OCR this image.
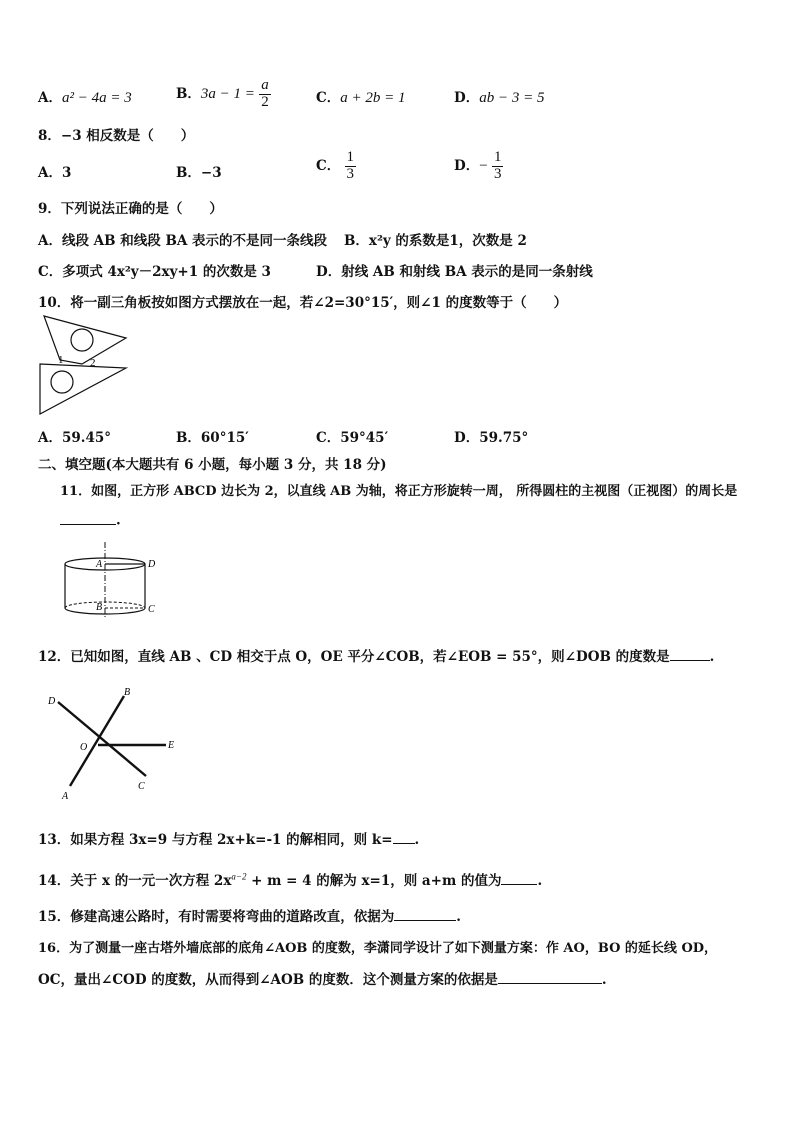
A．a² − 4a = 3	B．$3a - 1 = \frac{a}{2}$	C．a + 2b = 1	D．ab − 3 = 5
8．−3 相反数是（　　）
A．3	B．−3	C． $\frac{1}{3}$	D．− $\frac{1}{3}$
9．下列说法正确的是（　　）
A．线段 AB 和线段 BA 表示的不是同一条线段 B．x²y 的系数是1，次数是 2
C．多项式 4x²y－2xy+1 的次数是 3	D．射线 AB 和射线 BA 表示的是同一条射线
10．将一副三角板按如图方式摆放在一起，若∠2=30°15′，则∠1 的度数等于（　　）
1 2
A．59.45°	B．60°15′	C．59°45′	D．59.75°
二、填空题(本大题共有 6 小题，每小题 3 分，共 18 分)
11．如图，正方形 ABCD 边长为 2，以直线 AB 为轴，将正方形旋转一周， 所得圆柱的主视图（正视图）的周长是
.
A	D
B	C
12．已知如图，直线 AB 、CD 相交于点 O，OE 平分∠COB，若∠EOB = 55°，则∠DOB 的度数是	.
D
B
O	E
A
C
13．如果方程 3x=9 与方程 2x+k=-1 的解相同，则 k= .
14．关于 x 的一元一次方程 $2x^{a-2} + m = 4$ 的解为 x=1，则 a+m 的值为	.
15．修建高速公路时，有时需要将弯曲的道路改直，依据为	.
16．为了测量一座古塔外墙底部的底角∠AOB 的度数，李潇同学设计了如下测量方案：作 AO，BO 的延长线 OD，
OC，量出∠COD 的度数，从而得到∠AOB 的度数．这个测量方案的依据是	.
